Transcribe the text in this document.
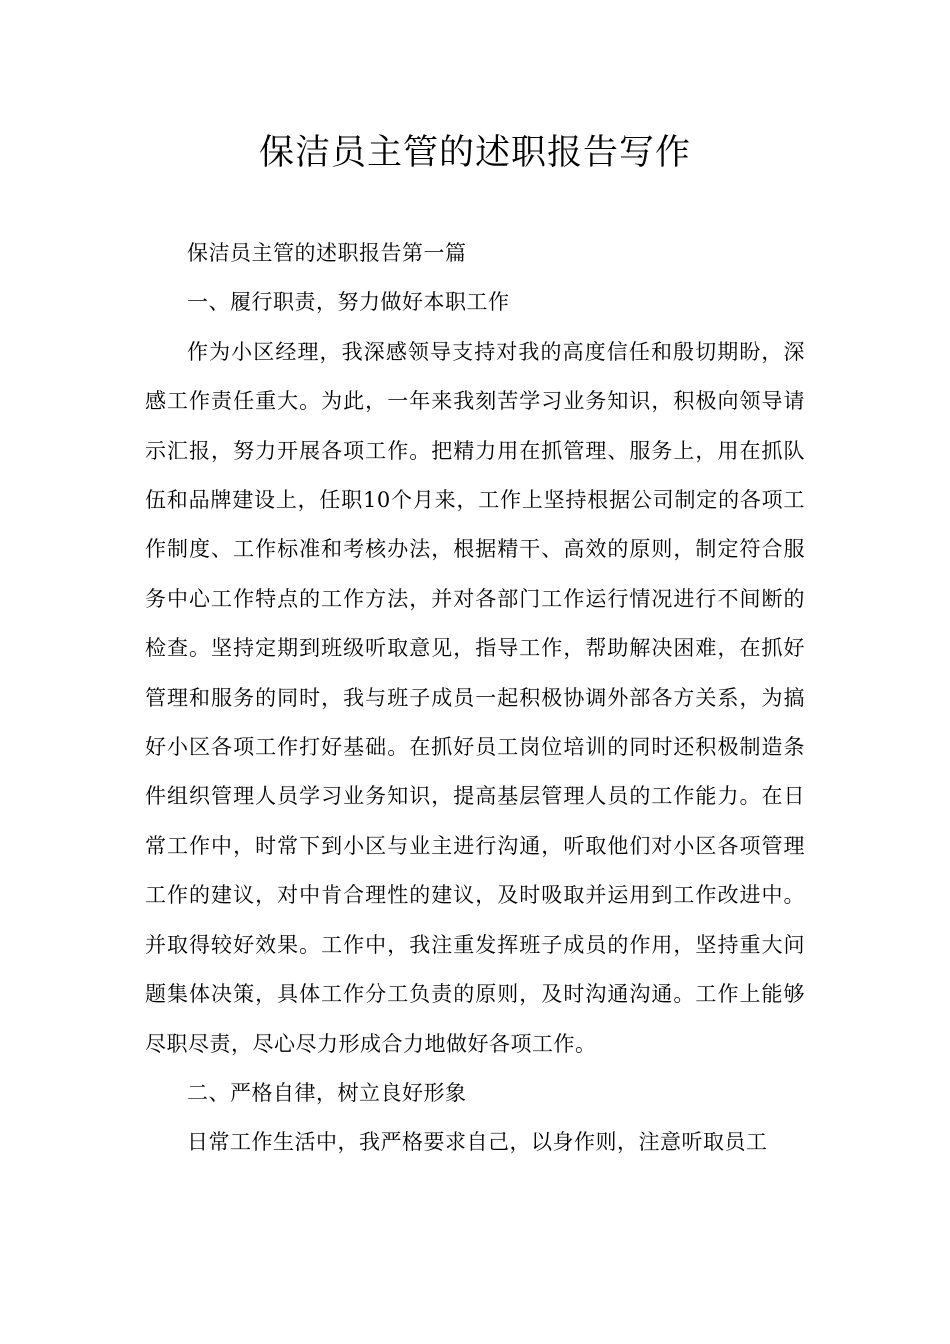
保洁员主管的述职报告写作

保洁员主管的述职报告第一篇

一、履行职责，努力做好本职工作

作为小区经理，我深感领导支持对我的高度信任和殷切期盼，深感工作责任重大。为此，一年来我刻苦学习业务知识，积极向领导请示汇报，努力开展各项工作。把精力用在抓管理、服务上，用在抓队伍和品牌建设上，任职10个月来，工作上坚持根据公司制定的各项工作制度、工作标准和考核办法，根据精干、高效的原则，制定符合服务中心工作特点的工作方法，并对各部门工作运行情况进行不间断的检查。坚持定期到班级听取意见，指导工作，帮助解决困难，在抓好管理和服务的同时，我与班子成员一起积极协调外部各方关系，为搞好小区各项工作打好基础。在抓好员工岗位培训的同时还积极制造条件组织管理人员学习业务知识，提高基层管理人员的工作能力。在日常工作中，时常下到小区与业主进行沟通，听取他们对小区各项管理工作的建议，对中肯合理性的建议，及时吸取并运用到工作改进中。并取得较好效果。工作中，我注重发挥班子成员的作用，坚持重大问题集体决策，具体工作分工负责的原则，及时沟通沟通。工作上能够尽职尽责，尽心尽力形成合力地做好各项工作。

二、严格自律，树立良好形象

日常工作生活中，我严格要求自己，以身作则，注意听取员工
